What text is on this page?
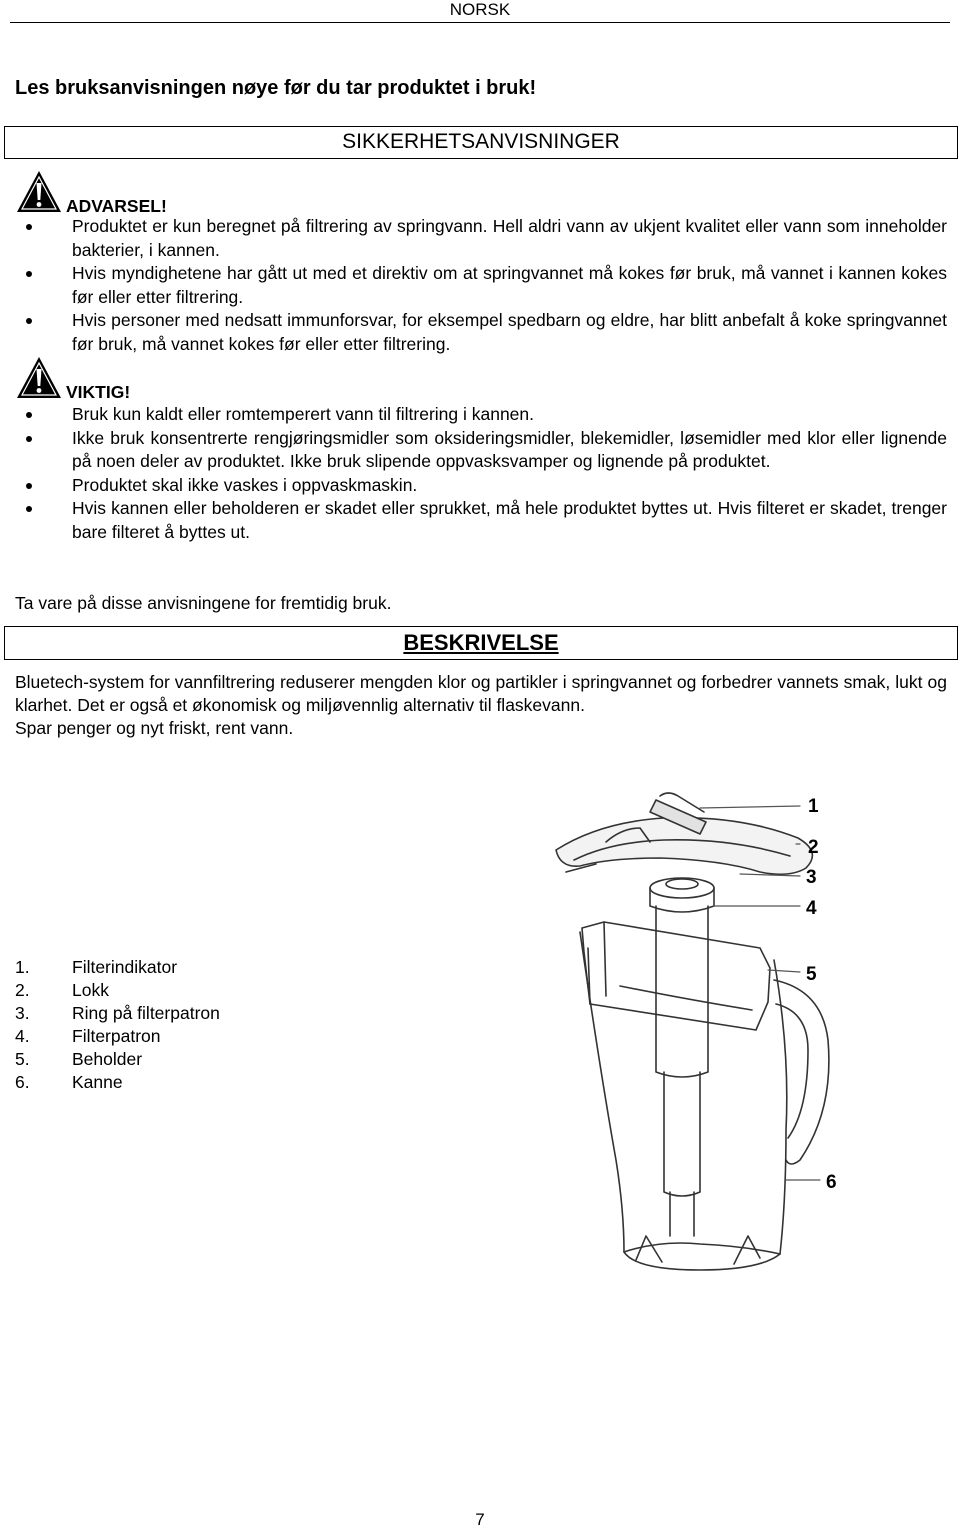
NORSK
Les bruksanvisningen nøye før du tar produktet i bruk!
SIKKERHETSANVISNINGER
ADVARSEL!
Produktet er kun beregnet på filtrering av springvann. Hell aldri vann av ukjent kvalitet eller vann som inneholder bakterier, i kannen.
Hvis myndighetene har gått ut med et direktiv om at springvannet må kokes før bruk, må vannet i kannen kokes før eller etter filtrering.
Hvis personer med nedsatt immunforsvar, for eksempel spedbarn og eldre, har blitt anbefalt å koke springvannet før bruk, må vannet kokes før eller etter filtrering.
VIKTIG!
Bruk kun kaldt eller romtemperert vann til filtrering i kannen.
Ikke bruk konsentrerte rengjøringsmidler som oksideringsmidler, blekemidler, løsemidler med klor eller lignende på noen deler av produktet. Ikke bruk slipende oppvasksvamper og lignende på produktet.
Produktet skal ikke vaskes i oppvaskmaskin.
Hvis kannen eller beholderen er skadet eller sprukket, må hele produktet byttes ut. Hvis filteret er skadet, trenger bare filteret å byttes ut.
Ta vare på disse anvisningene for fremtidig bruk.
BESKRIVELSE

Bluetech-system for vannfiltrering reduserer mengden klor og partikler i springvannet og forbedrer vannets smak, lukt og klarhet. Det er også et økonomisk og miljøvennlig alternativ til flaskevann.

Spar penger og nyt friskt, rent vann.

1.	Filterindikator
2.	Lokk
3.	Ring på filterpatron
4.	Filterpatron
5.	Beholder
6.	Kanne
1
2
3
4
5
6
7
